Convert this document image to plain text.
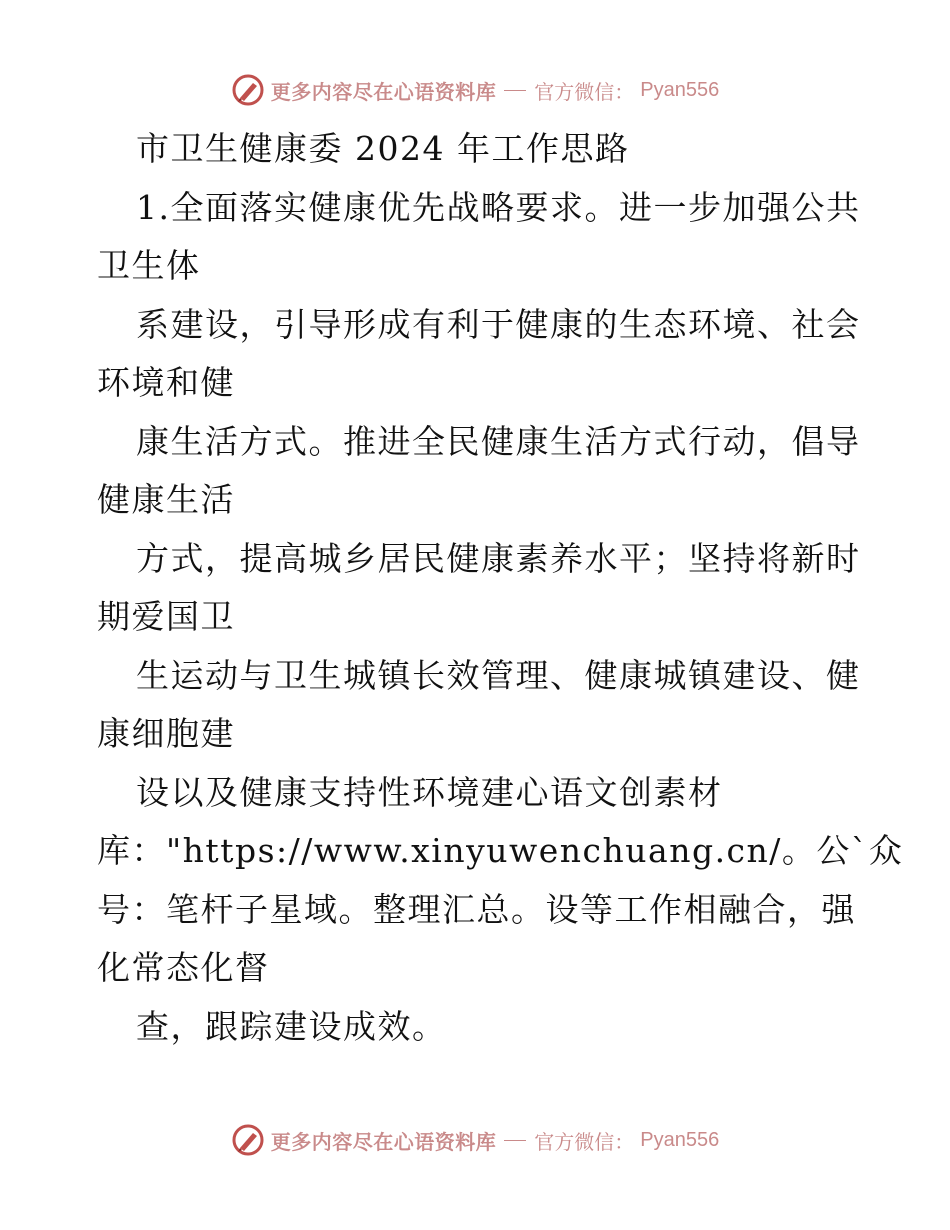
更多内容尽在心语资料库 官方微信： Pyan556
市卫生健康委 2024 年工作思路
1.全面落实健康优先战略要求。进一步加强公共
卫生体
系建设，引导形成有利于健康的生态环境、社会
环境和健
康生活方式。推进全民健康生活方式行动，倡导
健康生活
方式，提高城乡居民健康素养水平；坚持将新时
期爱国卫
生运动与卫生城镇长效管理、健康城镇建设、健
康细胞建
设以及健康支持性环境建心语文创素材
库："https://www.xinyuwenchuang.cn/。公`众
号：笔杆子星域。整理汇总。设等工作相融合，强
化常态化督
查，跟踪建设成效。
更多内容尽在心语资料库 官方微信： Pyan556
